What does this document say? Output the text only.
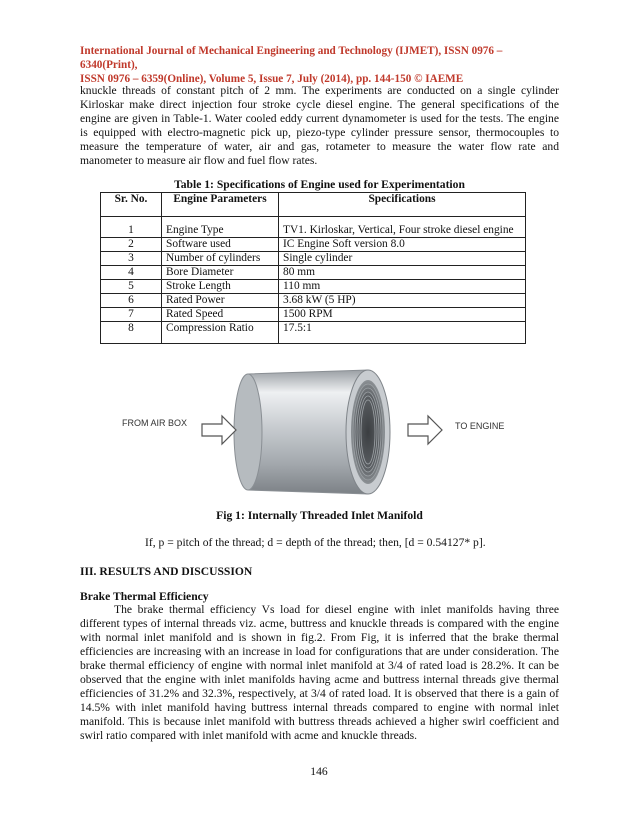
International Journal of Mechanical Engineering and Technology (IJMET), ISSN 0976 – 6340(Print),
ISSN 0976 – 6359(Online), Volume 5, Issue 7, July (2014), pp. 144-150 © IAEME
knuckle threads of constant pitch of 2 mm. The experiments are conducted on a single cylinder Kirloskar make direct injection four stroke cycle diesel engine. The general specifications of the engine are given in Table-1. Water cooled eddy current dynamometer is used for the tests. The engine is equipped with electro-magnetic pick up, piezo-type cylinder pressure sensor, thermocouples to measure the temperature of water, air and gas, rotameter to measure the water flow rate and manometer to measure air flow and fuel flow rates.
Table 1: Specifications of Engine used for Experimentation
Sr. No.	Engine Parameters	Specifications

1	Engine Type	TV1. Kirloskar, Vertical, Four stroke diesel engine
2	Software used	IC Engine Soft version 8.0
3	Number of cylinders	Single cylinder
4	Bore Diameter	80 mm
5	Stroke Length	110 mm
6	Rated Power	3.68 kW (5 HP)
7	Rated Speed	1500 RPM
8	Compression Ratio	17.5:1
FROM AIR BOX	TO ENGINE
Fig 1: Internally Threaded Inlet Manifold
If, p = pitch of the thread; d = depth of the thread; then, [d = 0.54127* p].
III. RESULTS AND DISCUSSION
Brake Thermal Efficiency
The brake thermal efficiency Vs load for diesel engine with inlet manifolds having three different types of internal threads viz. acme, buttress and knuckle threads is compared with the engine with normal inlet manifold and is shown in fig.2. From Fig, it is inferred that the brake thermal efficiencies are increasing with an increase in load for configurations that are under consideration. The brake thermal efficiency of engine with normal inlet manifold at 3/4 of rated load is 28.2%. It can be observed that the engine with inlet manifolds having acme and buttress internal threads give thermal efficiencies of 31.2% and 32.3%, respectively, at 3/4 of rated load. It is observed that there is a gain of 14.5% with inlet manifold having buttress internal threads compared to engine with normal inlet manifold. This is because inlet manifold with buttress threads achieved a higher swirl coefficient and swirl ratio compared with inlet manifold with acme and knuckle threads.
146
